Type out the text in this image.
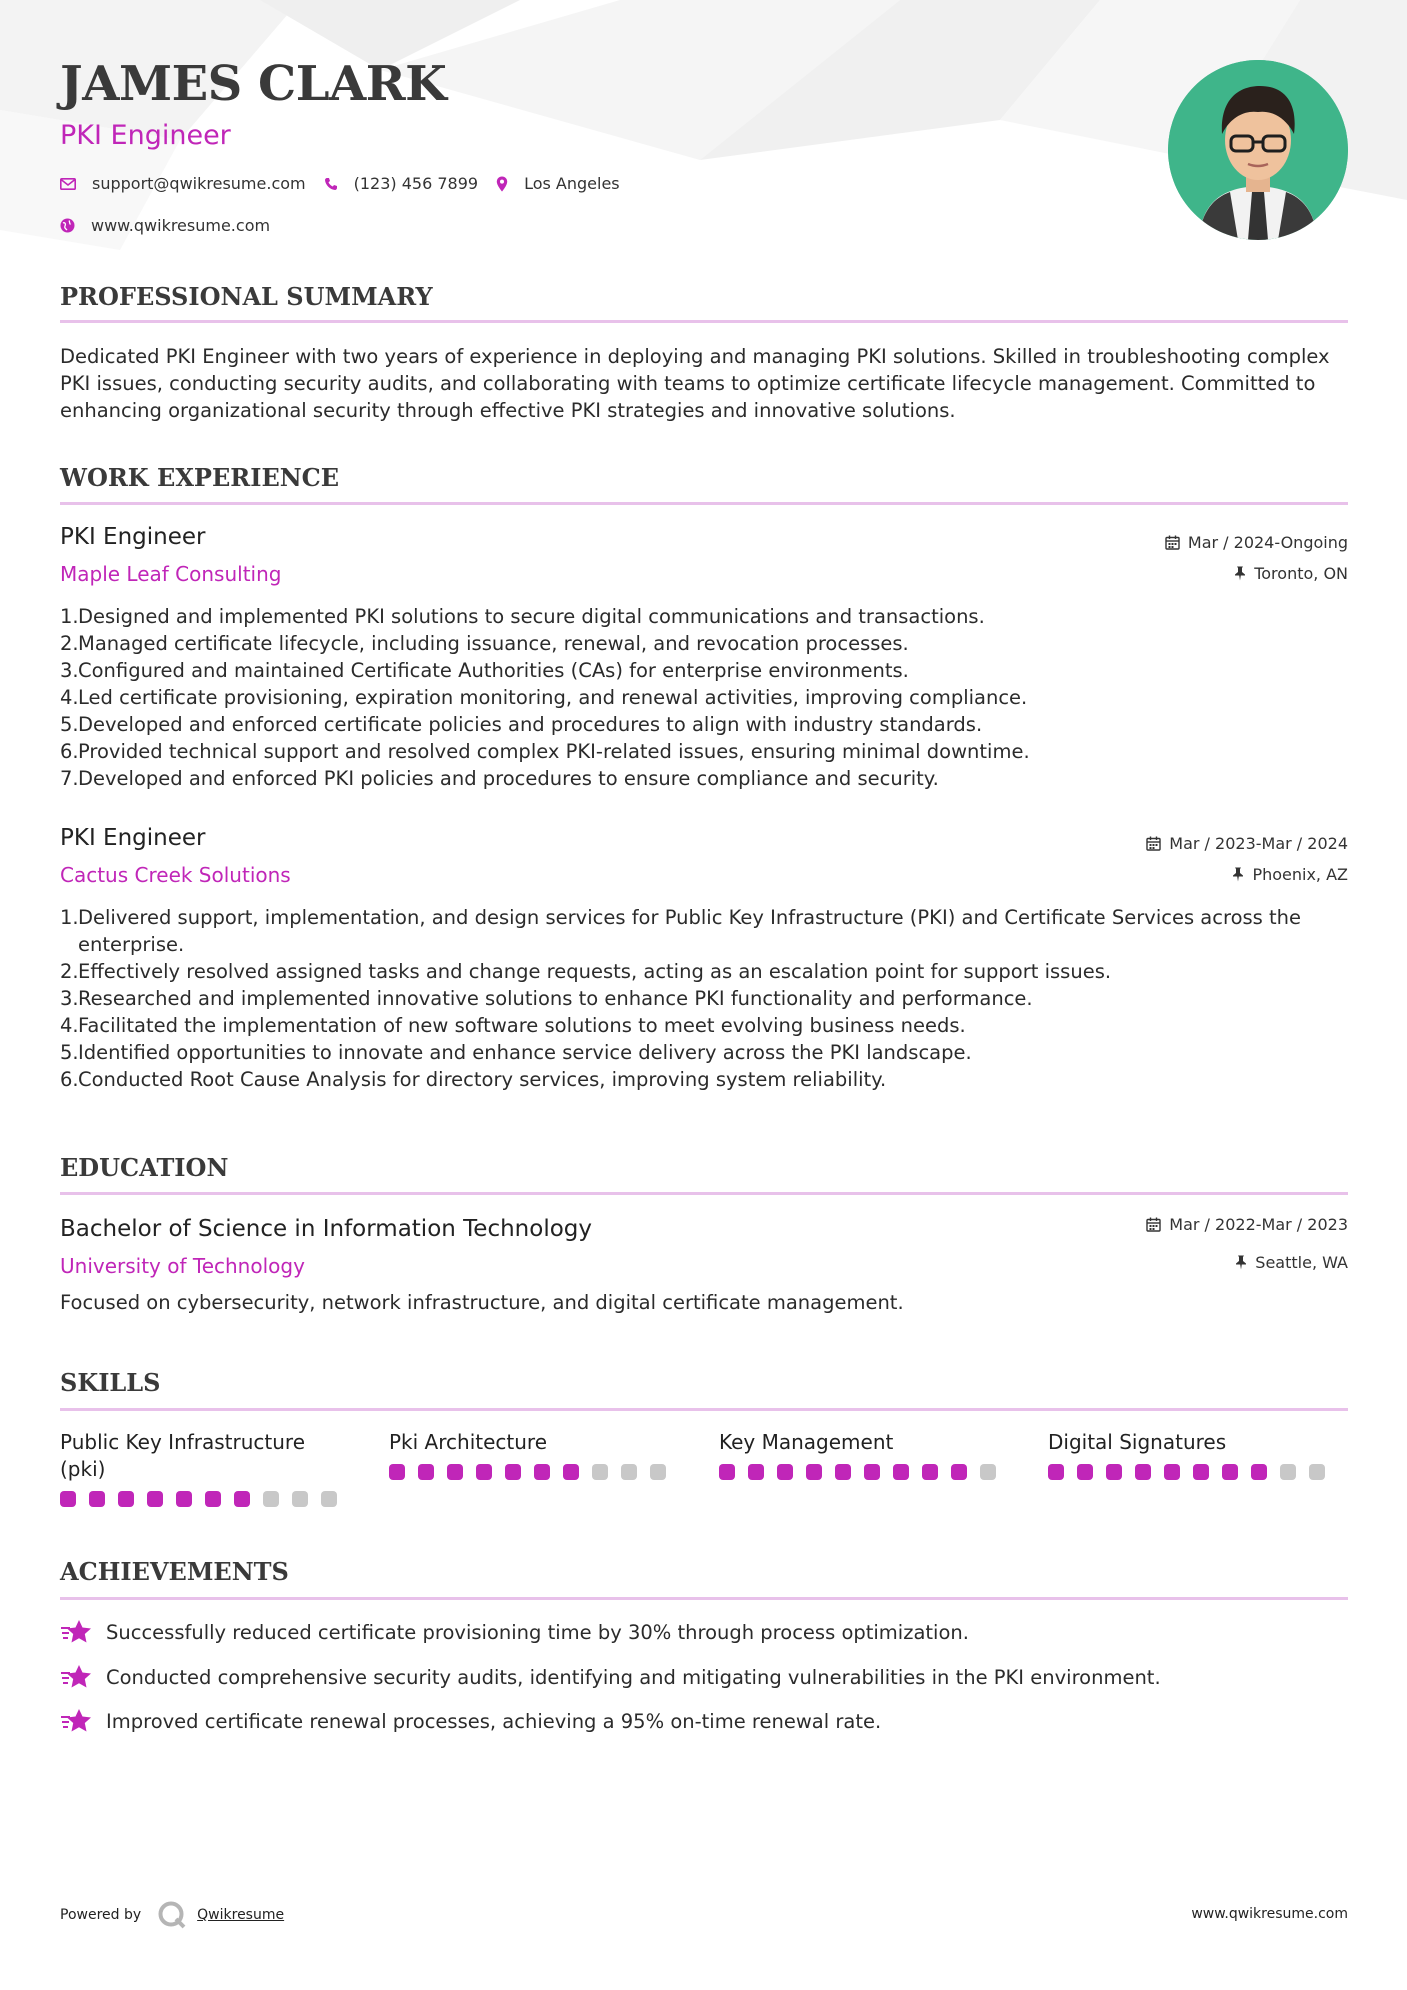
JAMES CLARK
PKI Engineer
support@qwikresume.com	(123) 456 7899	Los Angeles
www.qwikresume.com
PROFESSIONAL SUMMARY
Dedicated PKI Engineer with two years of experience in deploying and managing PKI solutions. Skilled in troubleshooting complex PKI issues, conducting security audits, and collaborating with teams to optimize certificate lifecycle management. Committed to enhancing organizational security through effective PKI strategies and innovative solutions.
WORK EXPERIENCE
PKI Engineer
Maple Leaf Consulting
Mar / 2024-Ongoing
Toronto, ON
1. Designed and implemented PKI solutions to secure digital communications and transactions.
2. Managed certificate lifecycle, including issuance, renewal, and revocation processes.
3. Configured and maintained Certificate Authorities (CAs) for enterprise environments.
4. Led certificate provisioning, expiration monitoring, and renewal activities, improving compliance.
5. Developed and enforced certificate policies and procedures to align with industry standards.
6. Provided technical support and resolved complex PKI-related issues, ensuring minimal downtime.
7. Developed and enforced PKI policies and procedures to ensure compliance and security.
PKI Engineer
Cactus Creek Solutions
Mar / 2023-Mar / 2024
Phoenix, AZ
1. Delivered support, implementation, and design services for Public Key Infrastructure (PKI) and Certificate Services across the enterprise.
2. Effectively resolved assigned tasks and change requests, acting as an escalation point for support issues.
3. Researched and implemented innovative solutions to enhance PKI functionality and performance.
4. Facilitated the implementation of new software solutions to meet evolving business needs.
5. Identified opportunities to innovate and enhance service delivery across the PKI landscape.
6. Conducted Root Cause Analysis for directory services, improving system reliability.
EDUCATION
Bachelor of Science in Information Technology
University of Technology
Mar / 2022-Mar / 2023
Seattle, WA
Focused on cybersecurity, network infrastructure, and digital certificate management.
SKILLS
Public Key Infrastructure (pki)
Pki Architecture	Key Management	Digital Signatures
ACHIEVEMENTS
Successfully reduced certificate provisioning time by 30% through process optimization.
Conducted comprehensive security audits, identifying and mitigating vulnerabilities in the PKI environment.
Improved certificate renewal processes, achieving a 95% on-time renewal rate.
Powered by	Qwikresume	www.qwikresume.com
